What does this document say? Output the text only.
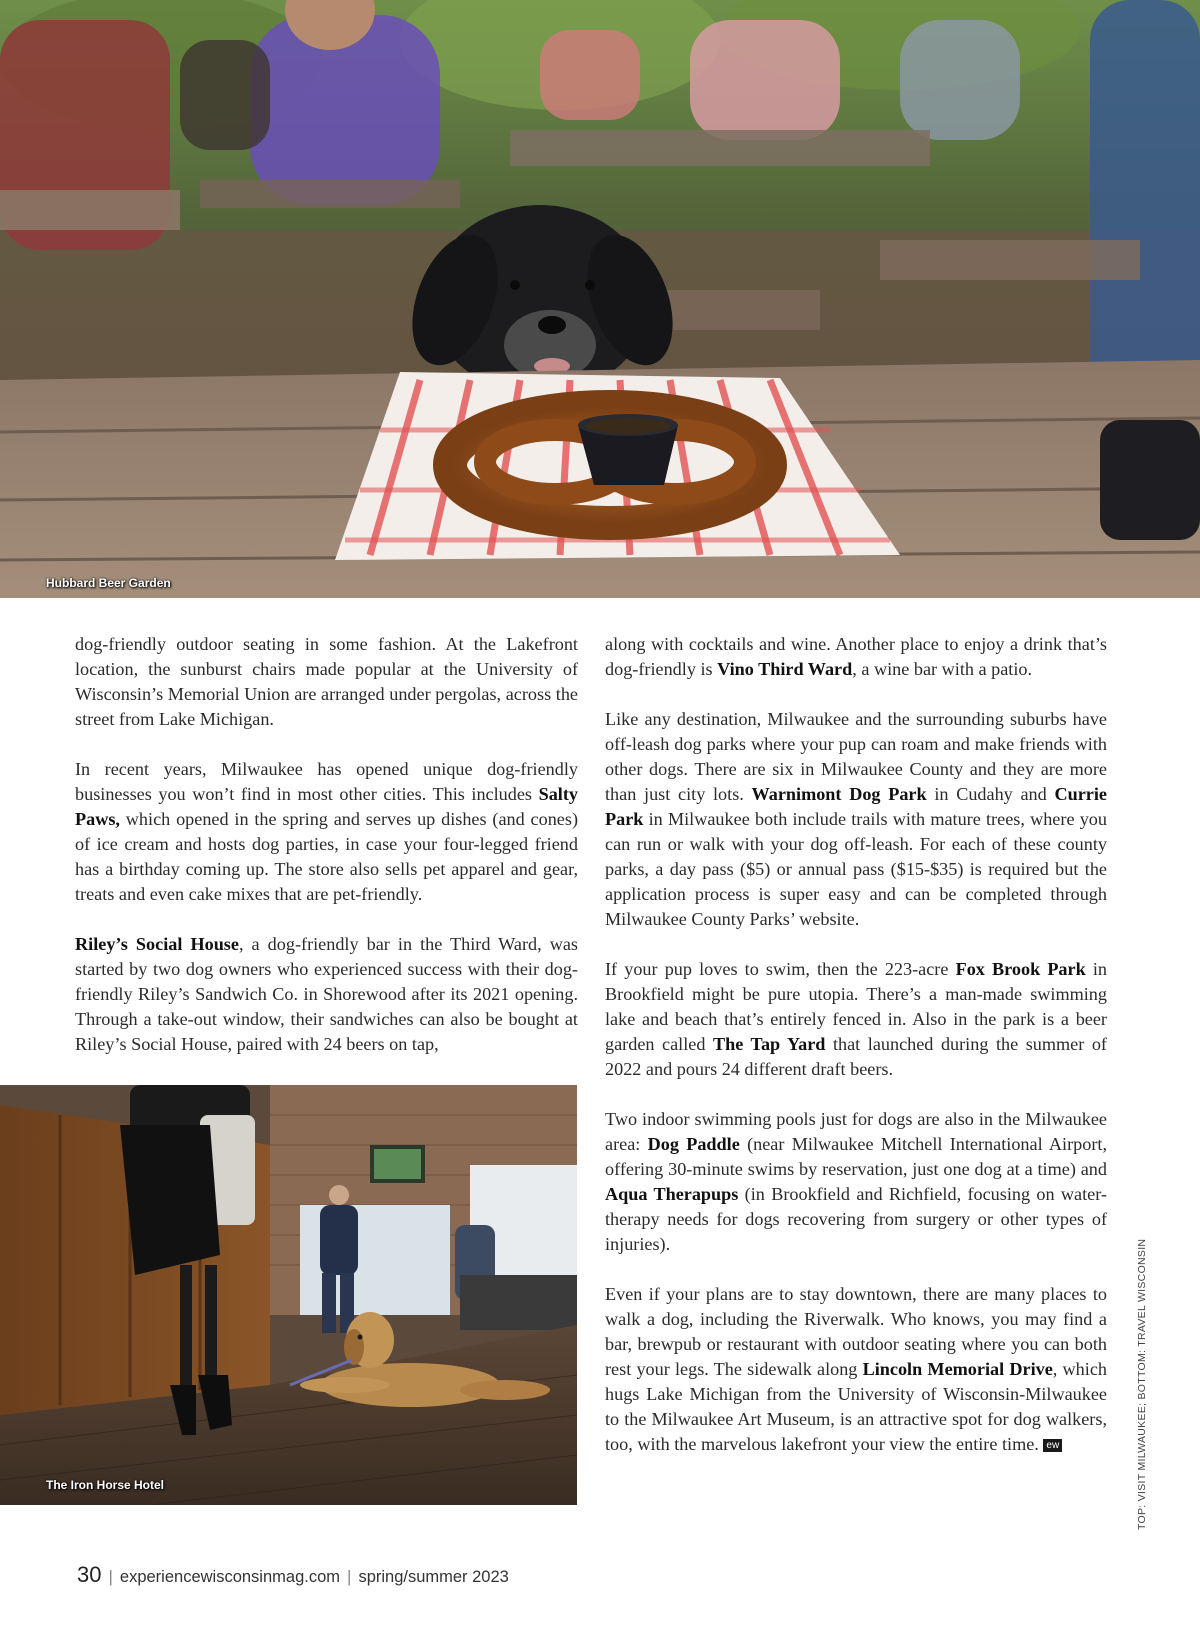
Hubbard Beer Garden

dog-friendly outdoor seating in some fashion. At the Lakefront location, the sunburst chairs made popular at the University of Wisconsin’s Memorial Union are arranged under pergolas, across the street from Lake Michigan.

In recent years, Milwaukee has opened unique dog-friendly businesses you won’t find in most other cities. This includes Salty Paws, which opened in the spring and serves up dishes (and cones) of ice cream and hosts dog parties, in case your four-legged friend has a birthday coming up. The store also sells pet apparel and gear, treats and even cake mixes that are pet-friendly.

Riley’s Social House, a dog-friendly bar in the Third Ward, was started by two dog owners who experienced success with their dog-friendly Riley’s Sandwich Co. in Shorewood after its 2021 opening. Through a take-out window, their sandwiches can also be bought at Riley’s Social House, paired with 24 beers on tap,

The Iron Horse Hotel

along with cocktails and wine. Another place to enjoy a drink that’s dog-friendly is Vino Third Ward, a wine bar with a patio.

Like any destination, Milwaukee and the surrounding suburbs have off-leash dog parks where your pup can roam and make friends with other dogs. There are six in Milwaukee County and they are more than just city lots. Warnimont Dog Park in Cudahy and Currie Park in Milwaukee both include trails with mature trees, where you can run or walk with your dog off-leash. For each of these county parks, a day pass ($5) or annual pass ($15-$35) is required but the application process is super easy and can be completed through Milwaukee County Parks’ website.

If your pup loves to swim, then the 223-acre Fox Brook Park in Brookfield might be pure utopia. There’s a man-made swimming lake and beach that’s entirely fenced in. Also in the park is a beer garden called The Tap Yard that launched during the summer of 2022 and pours 24 different draft beers.

Two indoor swimming pools just for dogs are also in the Milwaukee area: Dog Paddle (near Milwaukee Mitchell International Airport, offering 30-minute swims by reservation, just one dog at a time) and Aqua Therapups (in Brookfield and Richfield, focusing on water-therapy needs for dogs recovering from surgery or other types of injuries).

Even if your plans are to stay downtown, there are many places to walk a dog, including the Riverwalk. Who knows, you may find a bar, brewpub or restaurant with outdoor seating where you can both rest your legs. The sidewalk along Lincoln Memorial Drive, which hugs Lake Michigan from the University of Wisconsin-Milwaukee to the Milwaukee Art Museum, is an attractive spot for dog walkers, too, with the marvelous lakefront your view the entire time. ew	TOP: VISIT MILWAUKEE; BOTTOM: TRAVEL WISCONSIN
30 | experiencewisconsinmag.com | spring/summer 2023
